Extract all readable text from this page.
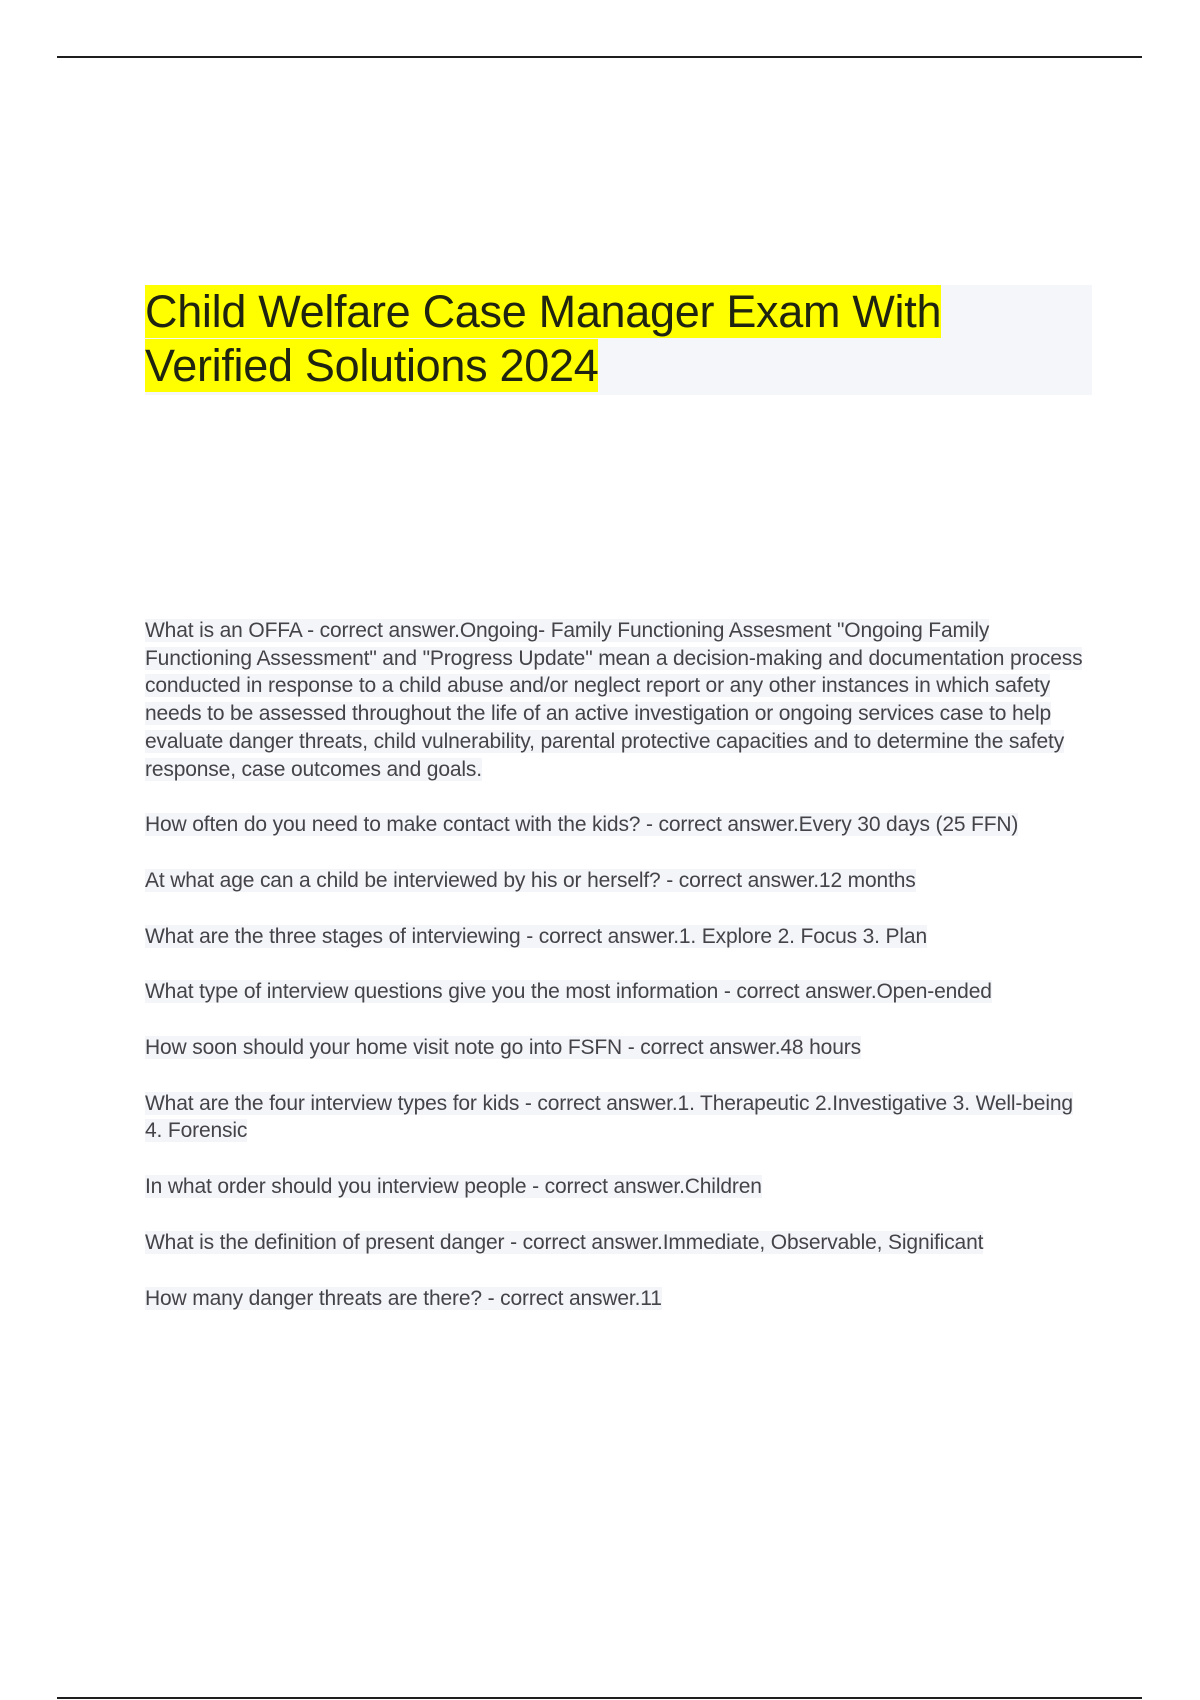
Child Welfare Case Manager Exam With Verified Solutions 2024

What is an OFFA - correct answer.Ongoing- Family Functioning Assesment "Ongoing Family Functioning Assessment" and "Progress Update" mean a decision-making and documentation process conducted in response to a child abuse and/or neglect report or any other instances in which safety needs to be assessed throughout the life of an active investigation or ongoing services case to help evaluate danger threats, child vulnerability, parental protective capacities and to determine the safety response, case outcomes and goals.

How often do you need to make contact with the kids? - correct answer.Every 30 days (25 FFN)

At what age can a child be interviewed by his or herself? - correct answer.12 months

What are the three stages of interviewing - correct answer.1. Explore 2. Focus 3. Plan

What type of interview questions give you the most information - correct answer.Open-ended

How soon should your home visit note go into FSFN - correct answer.48 hours

What are the four interview types for kids - correct answer.1. Therapeutic 2.Investigative 3. Well-being 4. Forensic

In what order should you interview people - correct answer.Children

What is the definition of present danger - correct answer.Immediate, Observable, Significant

How many danger threats are there? - correct answer.11
